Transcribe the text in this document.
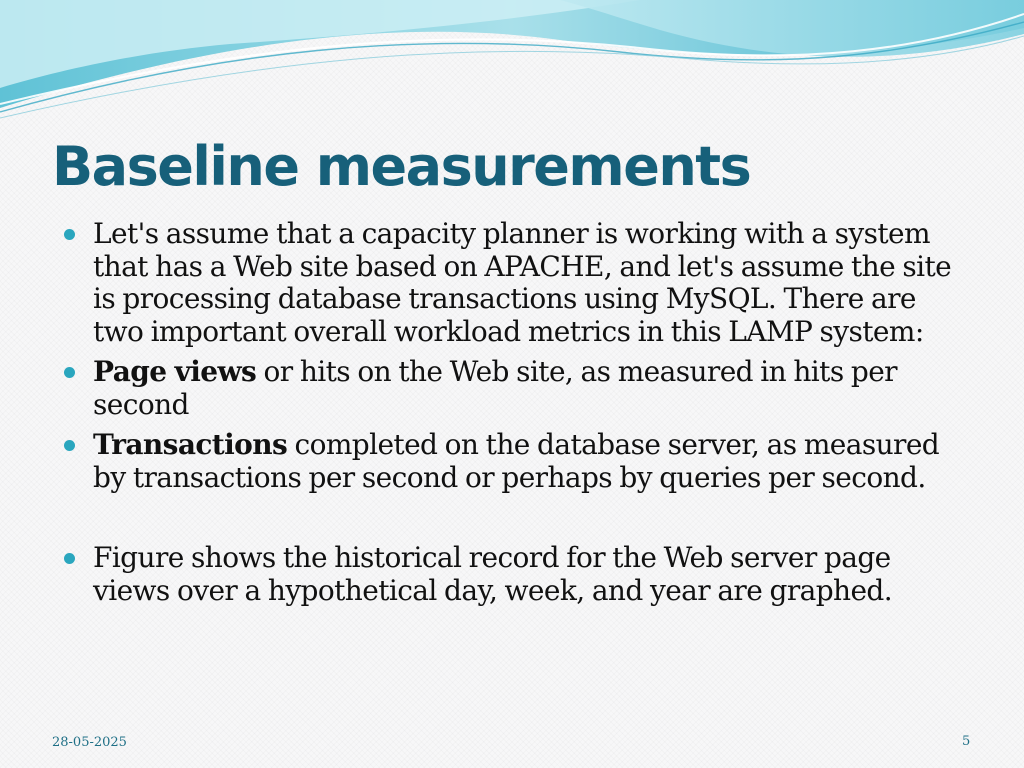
Baseline measurements
Let's assume that a capacity planner is working with a system that has a Web site based on APACHE, and let's assume the site is processing database transactions using MySQL. There are two important overall workload metrics in this LAMP system:
Page views or hits on the Web site, as measured in hits per second
Transactions completed on the database server, as measured by transactions per second or perhaps by queries per second.
Figure shows the historical record for the Web server page views over a hypothetical day, week, and year are graphed.
28-05-2025	5
